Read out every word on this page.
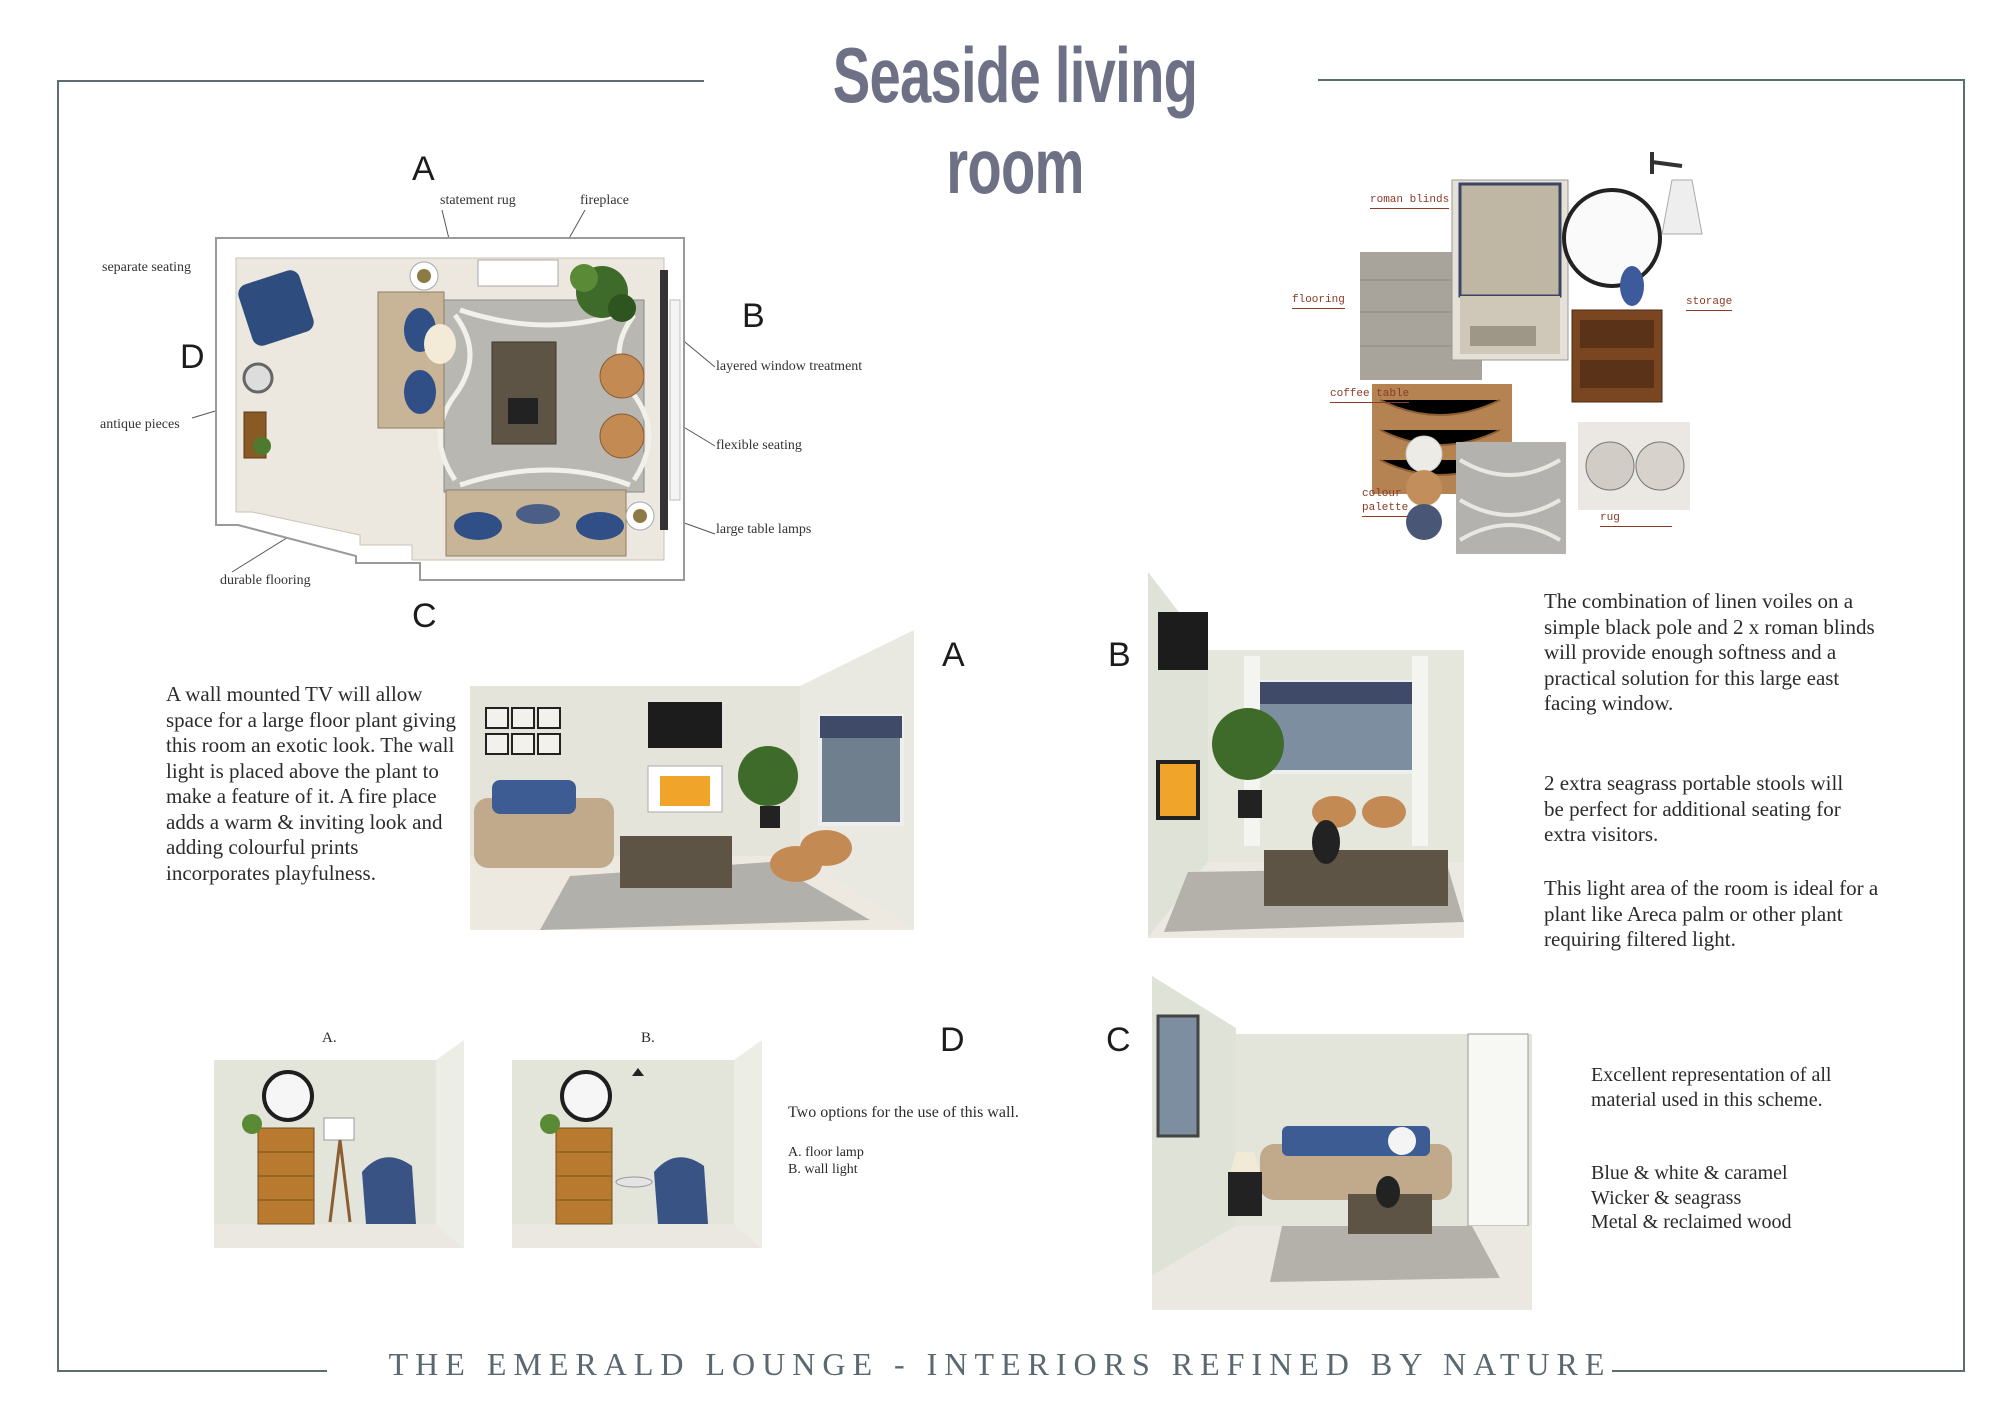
Seaside living room
THE EMERALD LOUNGE - INTERIORS REFINED BY NATURE
A
B
C
D
statement rug	fireplace
separate seating
layered window treatment
antique pieces
flexible seating
large table lamps
durable flooring
roman blinds
flooring	storage
coffee table
colour
palette
rug

A wall mounted TV will allow space for a large floor plant giving this room an exotic look. The wall light is placed above the plant to make a feature of it. A fire place adds a warm & inviting look and adding colourful prints incorporates playfulness.

A	B

The combination of linen voiles on a simple black pole and 2 x roman blinds will provide enough softness and a practical solution for this large east facing window.

2 extra seagrass portable stools will be perfect for additional seating for extra visitors.

This light area of the room is ideal for a plant like Areca palm or other plant requiring filtered light.

A.	B.	D
Two options for the use of this wall.
A. floor lamp
B. wall light
C

Excellent representation of all material used in this scheme.

Blue & white & caramel
Wicker & seagrass
Metal & reclaimed wood
